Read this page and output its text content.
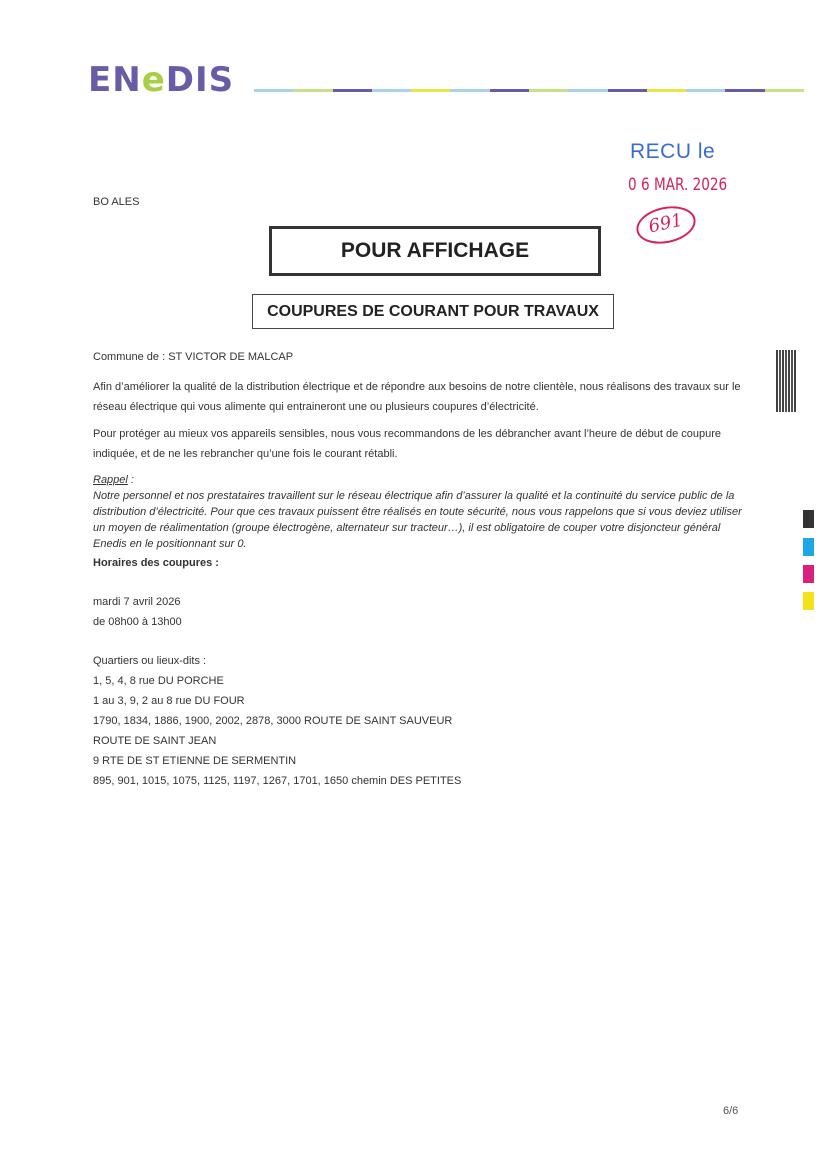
ENeDIS
RECU le
0 6 MAR. 2026
691
BO ALES
POUR AFFICHAGE
COUPURES DE COURANT POUR TRAVAUX
Commune de : ST VICTOR DE MALCAP
Afin d’améliorer la qualité de la distribution électrique et de répondre aux besoins de notre clientèle, nous réalisons des travaux sur le réseau électrique qui vous alimente qui entraineront une ou plusieurs coupures d’électricité.
Pour protéger au mieux vos appareils sensibles, nous vous recommandons de les débrancher avant l’heure de début de coupure indiquée, et de ne les rebrancher qu’une fois le courant rétabli.
Rappel :
Notre personnel et nos prestataires travaillent sur le réseau électrique afin d’assurer la qualité et la continuité du service public de la distribution d’électricité. Pour que ces travaux puissent être réalisés en toute sécurité, nous vous rappelons que si vous deviez utiliser un moyen de réalimentation (groupe électrogène, alternateur sur tracteur…), il est obligatoire de couper votre disjoncteur général Enedis en le positionnant sur 0.
Horaires des coupures :
mardi 7 avril 2026
de 08h00 à 13h00
Quartiers ou lieux-dits :
1, 5, 4, 8 rue DU PORCHE
1 au 3, 9, 2 au 8 rue DU FOUR
1790, 1834, 1886, 1900, 2002, 2878, 3000 ROUTE DE SAINT SAUVEUR
ROUTE DE SAINT JEAN
9 RTE DE ST ETIENNE DE SERMENTIN
895, 901, 1015, 1075, 1125, 1197, 1267, 1701, 1650 chemin DES PETITES
6/6
